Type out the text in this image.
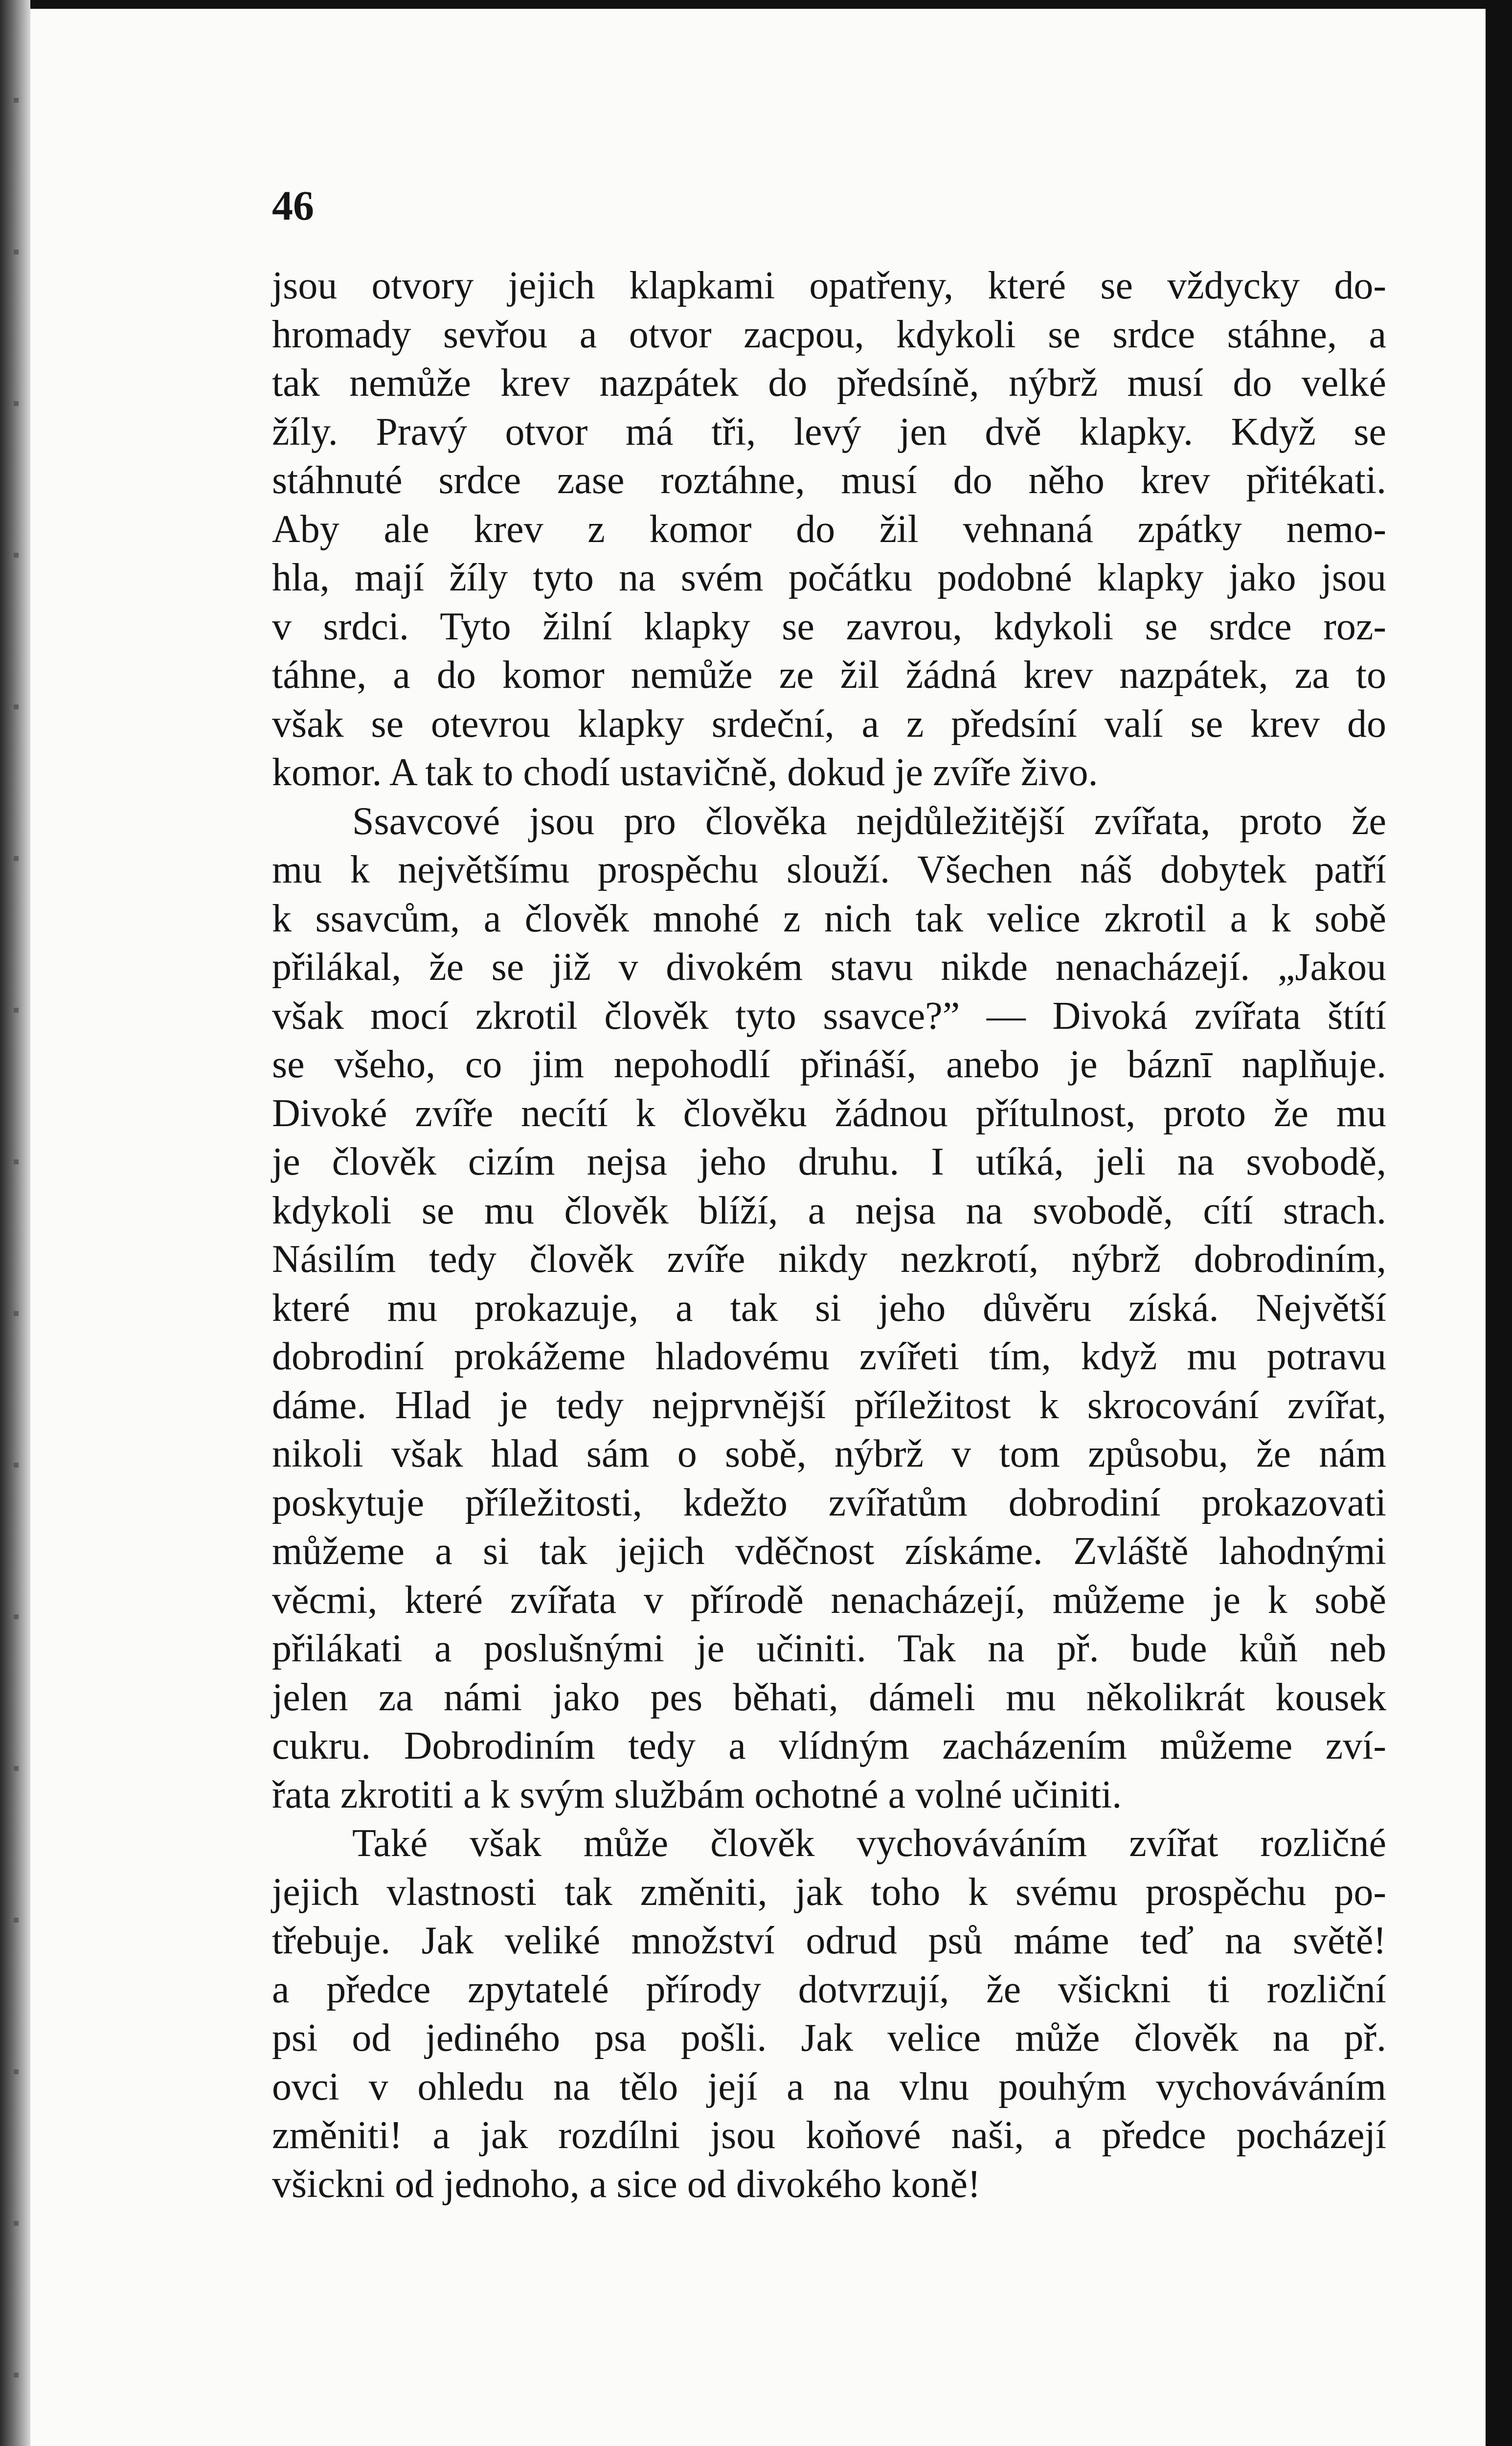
46
jsou otvory jejich klapkami opatřeny, které se vždycky do-
hromady sevřou a otvor zacpou, kdykoli se srdce stáhne, a
tak nemůže krev nazpátek do předsíně, nýbrž musí do velké
žíly. Pravý otvor má tři, levý jen dvě klapky. Když se
stáhnuté srdce zase roztáhne, musí do něho krev přitékati.
Aby ale krev z komor do žil vehnaná zpátky nemo-
hla, mají žíly tyto na svém počátku podobné klapky jako jsou
v srdci. Tyto žilní klapky se zavrou, kdykoli se srdce roz-
táhne, a do komor nemůže ze žil žádná krev nazpátek, za to
však se otevrou klapky srdeční, a z předsíní valí se krev do
komor. A tak to chodí ustavičně, dokud je zvíře živo.
Ssavcové jsou pro člověka nejdůležitější zvířata, proto že
mu k největšímu prospěchu slouží. Všechen náš dobytek patří
k ssavcům, a člověk mnohé z nich tak velice zkrotil a k sobě
přilákal, že se již v divokém stavu nikde nenacházejí. „Jakou
však mocí zkrotil člověk tyto ssavce?” — Divoká zvířata štítí
se všeho, co jim nepohodlí přináší, anebo je báznī naplňuje.
Divoké zvíře necítí k člověku žádnou přítulnost, proto že mu
je člověk cizím nejsa jeho druhu. I utíká, jeli na svobodě,
kdykoli se mu člověk blíží, a nejsa na svobodě, cítí strach.
Násilím tedy člověk zvíře nikdy nezkrotí, nýbrž dobrodiním,
které mu prokazuje, a tak si jeho důvěru získá. Největší
dobrodiní prokážeme hladovému zvířeti tím, když mu potravu
dáme. Hlad je tedy nejprvnější příležitost k skrocování zvířat,
nikoli však hlad sám o sobě, nýbrž v tom způsobu, že nám
poskytuje příležitosti, kdežto zvířatům dobrodiní prokazovati
můžeme a si tak jejich vděčnost získáme. Zvláště lahodnými
věcmi, které zvířata v přírodě nenacházejí, můžeme je k sobě
přilákati a poslušnými je učiniti. Tak na př. bude kůň neb
jelen za námi jako pes běhati, dámeli mu několikrát kousek
cukru. Dobrodiním tedy a vlídným zacházením můžeme zví-
řata zkrotiti a k svým službám ochotné a volné učiniti.
Také však může člověk vychováváním zvířat rozličné
jejich vlastnosti tak změniti, jak toho k svému prospěchu po-
třebuje. Jak veliké množství odrud psů máme teď na světě!
a předce zpytatelé přírody dotvrzují, že všickni ti rozliční
psi od jediného psa pošli. Jak velice může člověk na př.
ovci v ohledu na tělo její a na vlnu pouhým vychováváním
změniti! a jak rozdílni jsou koňové naši, a předce pocházejí
všickni od jednoho, a sice od divokého koně!
